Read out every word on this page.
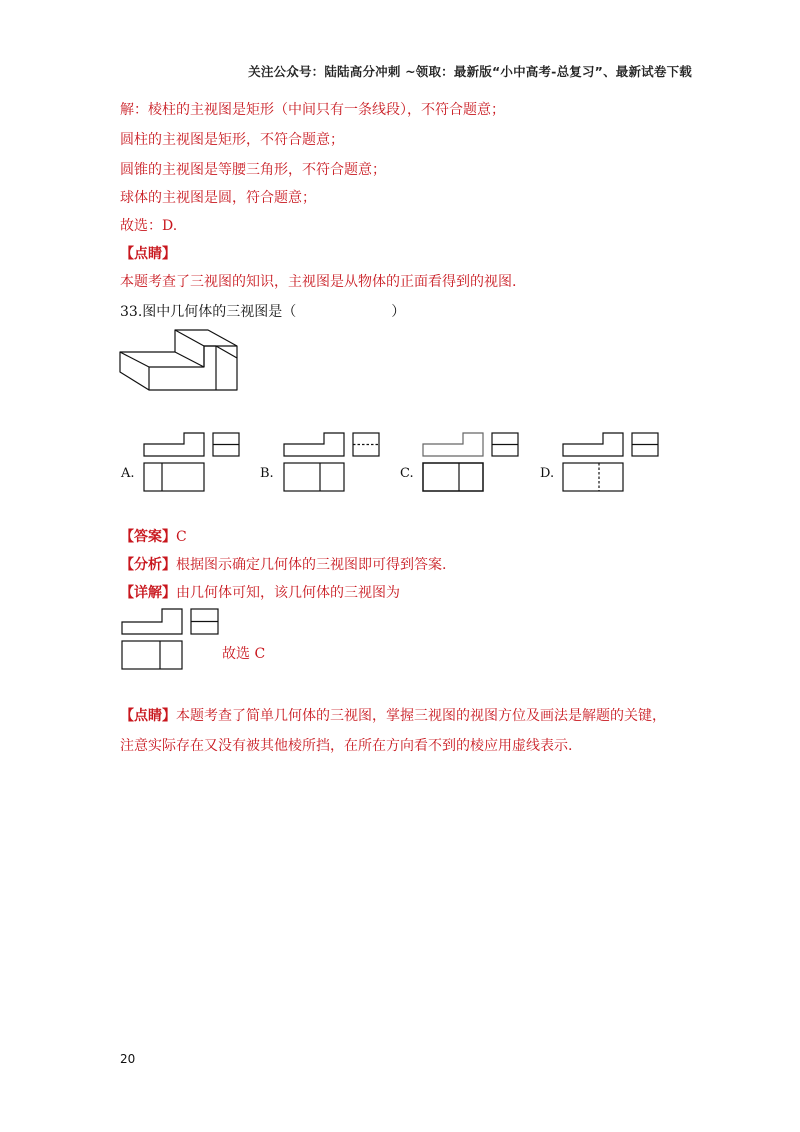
关注公众号：陆陆高分冲刺 ~领取：最新版“小中高考-总复习”、最新试卷下载
解：棱柱的主视图是矩形（中间只有一条线段），不符合题意；
圆柱的主视图是矩形，不符合题意；
圆锥的主视图是等腰三角形，不符合题意；
球体的主视图是圆，符合题意；
故选：D.
【点睛】
本题考查了三视图的知识，主视图是从物体的正面看得到的视图.
33.图中几何体的三视图是（	）
A.	B.	C.	D.
【答案】C
【分析】根据图示确定几何体的三视图即可得到答案.
【详解】由几何体可知，该几何体的三视图为
故选 C
【点睛】本题考查了简单几何体的三视图，掌握三视图的视图方位及画法是解题的关键，
注意实际存在又没有被其他棱所挡，在所在方向看不到的棱应用虚线表示.
20
